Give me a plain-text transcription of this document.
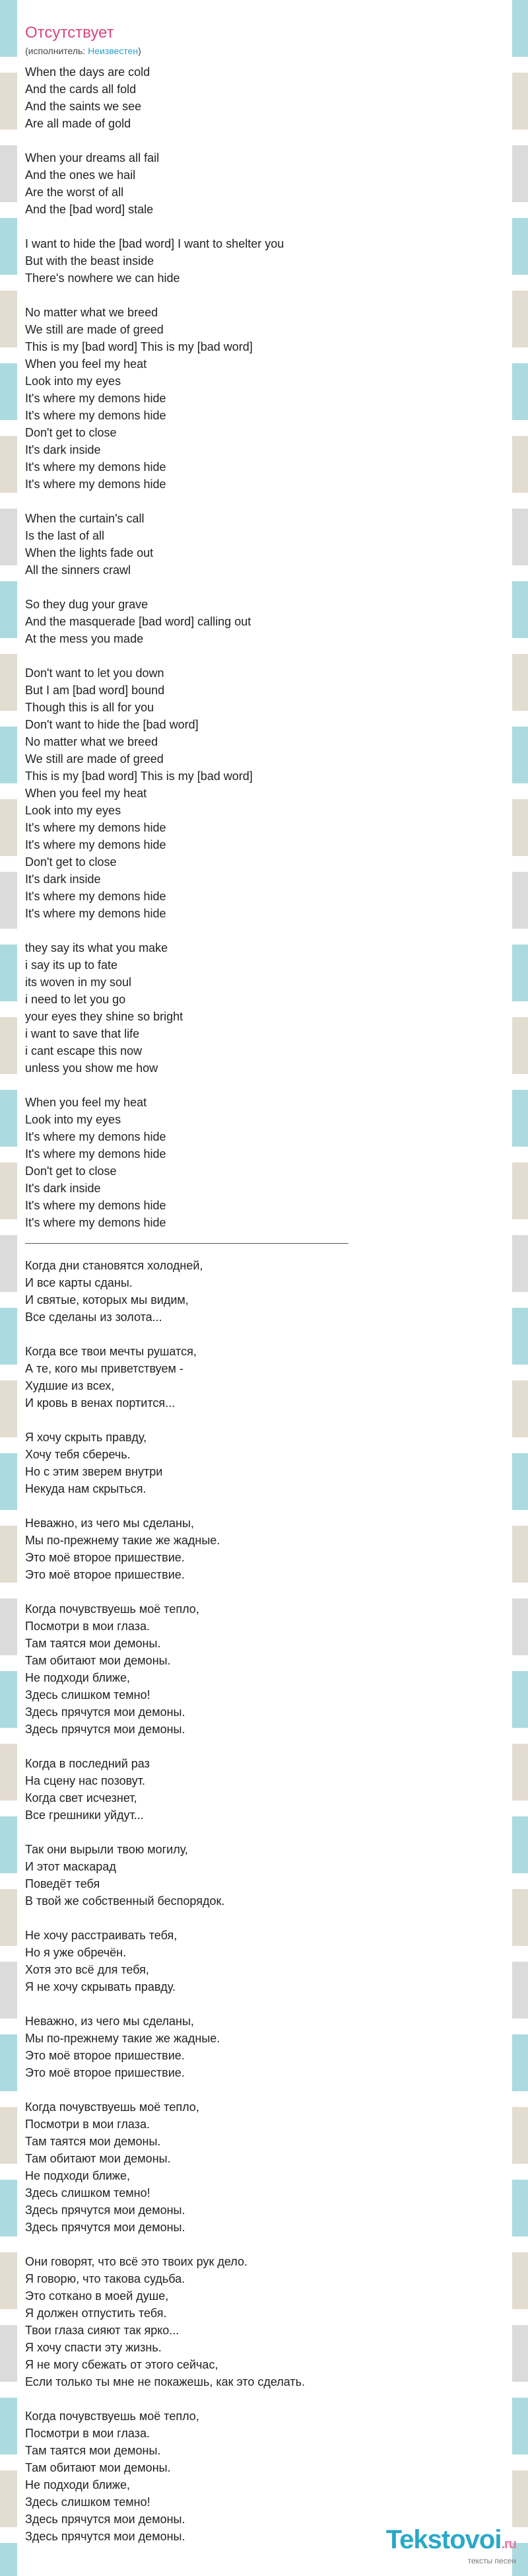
Отсутствует
(исполнитель: Неизвестен)
When the days are cold
And the cards all fold
And the saints we see
Are all made of gold
When your dreams all fail
And the ones we hail
Are the worst of all
And the [bad word] stale
I want to hide the [bad word] I want to shelter you
But with the beast inside
There's nowhere we can hide
No matter what we breed
We still are made of greed
This is my [bad word] This is my [bad word]
When you feel my heat
Look into my eyes
It's where my demons hide
It's where my demons hide
Don't get to close
It's dark inside
It's where my demons hide
It's where my demons hide
When the curtain's call
Is the last of all
When the lights fade out
All the sinners crawl
So they dug your grave
And the masquerade [bad word] calling out
At the mess you made
Don't want to let you down
But I am [bad word] bound
Though this is all for you
Don't want to hide the [bad word]
No matter what we breed
We still are made of greed
This is my [bad word] This is my [bad word]
When you feel my heat
Look into my eyes
It's where my demons hide
It's where my demons hide
Don't get to close
It's dark inside
It's where my demons hide
It's where my demons hide
they say its what you make
i say its up to fate
its woven in my soul
i need to let you go
your eyes they shine so bright
i want to save that life
i cant escape this now
unless you show me how
When you feel my heat
Look into my eyes
It's where my demons hide
It's where my demons hide
Don't get to close
It's dark inside
It's where my demons hide
It's where my demons hide
Когда дни становятся холодней,
И все карты сданы.
И святые, которых мы видим,
Все сделаны из золота...
Когда все твои мечты рушатся,
А те, кого мы приветствуем -
Худшие из всех,
И кровь в венах портится...
Я хочу скрыть правду,
Хочу тебя сберечь.
Но с этим зверем внутри
Некуда нам скрыться.
Неважно, из чего мы сделаны,
Мы по-прежнему такие же жадные.
Это моё второе пришествие.
Это моё второе пришествие.
Когда почувствуешь моё тепло,
Посмотри в мои глаза.
Там таятся мои демоны.
Там обитают мои демоны.
Не подходи ближе,
Здесь слишком темно!
Здесь прячутся мои демоны.
Здесь прячутся мои демоны.
Когда в последний раз
На сцену нас позовут.
Когда свет исчезнет,
Все грешники уйдут...
Так они вырыли твою могилу,
И этот маскарад
Поведёт тебя
В твой же собственный беспорядок.
Не хочу расстраивать тебя,
Но я уже обречён.
Хотя это всё для тебя,
Я не хочу скрывать правду.
Неважно, из чего мы сделаны,
Мы по-прежнему такие же жадные.
Это моё второе пришествие.
Это моё второе пришествие.
Когда почувствуешь моё тепло,
Посмотри в мои глаза.
Там таятся мои демоны.
Там обитают мои демоны.
Не подходи ближе,
Здесь слишком темно!
Здесь прячутся мои демоны.
Здесь прячутся мои демоны.
Они говорят, что всё это твоих рук дело.
Я говорю, что такова судьба.
Это соткано в моей душе,
Я должен отпустить тебя.
Твои глаза сияют так ярко...
Я хочу спасти эту жизнь.
Я не могу сбежать от этого сейчас,
Если только ты мне не покажешь, как это сделать.
Когда почувствуешь моё тепло,
Посмотри в мои глаза.
Там таятся мои демоны.
Там обитают мои демоны.
Не подходи ближе,
Здесь слишком темно!
Здесь прячутся мои демоны.
Здесь прячутся мои демоны.	Tekstovoi.ru
тексты песен
